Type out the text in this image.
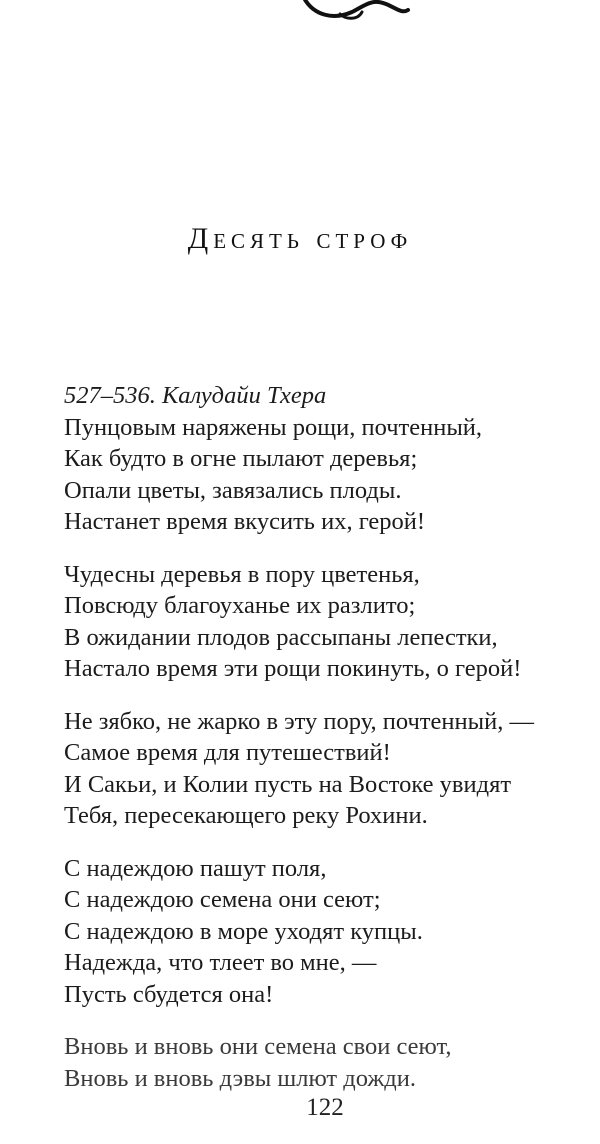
Десять строф
527–536. Калудайи Тхера
Пунцовым наряжены рощи, почтенный,
Как будто в огне пылают деревья;
Опали цветы, завязались плоды.
Настанет время вкусить их, герой!
Чудесны деревья в пору цветенья,
Повсюду благоуханье их разлито;
В ожидании плодов рассыпаны лепестки,
Настало время эти рощи покинуть, о герой!
Не зябко, не жарко в эту пору, почтенный, —
Самое время для путешествий!
И Сакьи, и Колии пусть на Востоке увидят
Тебя, пересекающего реку Рохини.
С надеждою пашут поля,
С надеждою семена они сеют;
С надеждою в море уходят купцы.
Надежда, что тлеет во мне, —
Пусть сбудется она!
Вновь и вновь они семена свои сеют,
Вновь и вновь дэвы шлют дожди.
122
